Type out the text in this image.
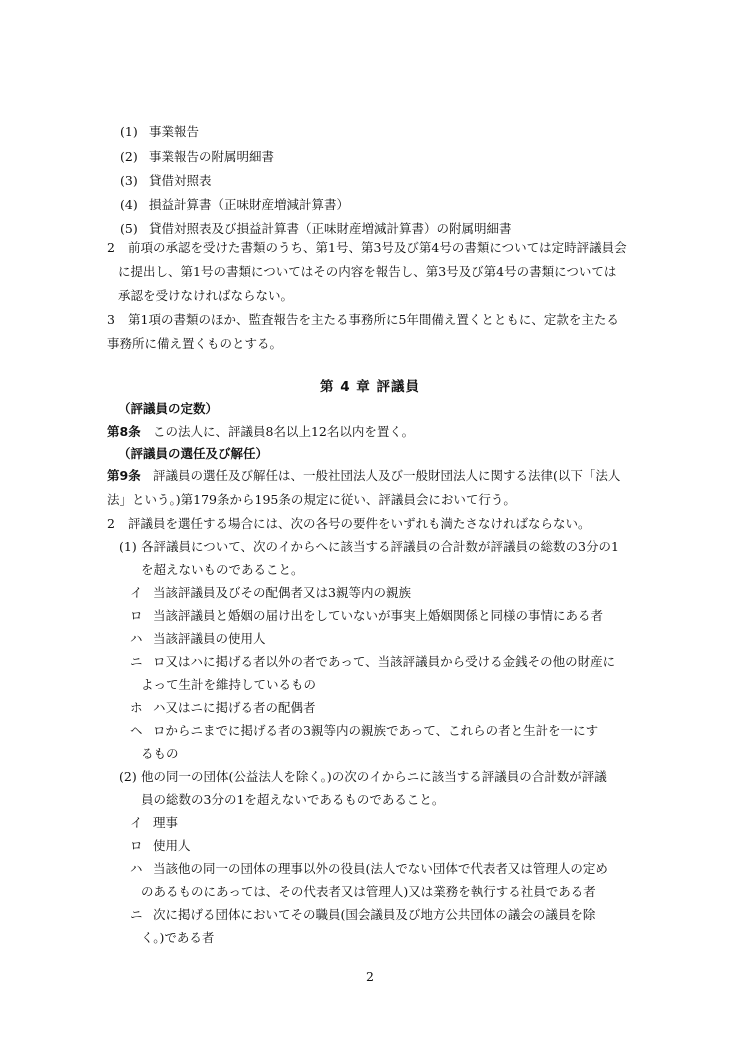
(1) 事業報告
(2) 事業報告の附属明細書
(3) 貸借対照表
(4) 損益計算書（正味財産増減計算書）
(5) 貸借対照表及び損益計算書（正味財産増減計算書）の附属明細書
2 前項の承認を受けた書類のうち、第1号、第3号及び第4号の書類については定時評議員会
に提出し、第1号の書類についてはその内容を報告し、第3号及び第4号の書類については
承認を受けなければならない。
3 第1項の書類のほか、監査報告を主たる事務所に5年間備え置くとともに、定款を主たる
事務所に備え置くものとする。
第 4 章 評議員
（評議員の定数）
第8条 この法人に、評議員8名以上12名以内を置く。
（評議員の選任及び解任）
第9条 評議員の選任及び解任は、一般社団法人及び一般財団法人に関する法律(以下「法人
法」という。)第179条から195条の規定に従い、評議員会において行う。
2 評議員を選任する場合には、次の各号の要件をいずれも満たさなければならない。
(1) 各評議員について、次のイからへに該当する評議員の合計数が評議員の総数の3分の1
を超えないものであること。
イ 当該評議員及びその配偶者又は3親等内の親族
ロ 当該評議員と婚姻の届け出をしていないが事実上婚姻関係と同様の事情にある者
ハ 当該評議員の使用人
ニ ロ又はハに掲げる者以外の者であって、当該評議員から受ける金銭その他の財産に
よって生計を維持しているもの
ホ ハ又はニに掲げる者の配偶者
ヘ ロからニまでに掲げる者の3親等内の親族であって、これらの者と生計を一にす
るもの
(2) 他の同一の団体(公益法人を除く。)の次のイからニに該当する評議員の合計数が評議
員の総数の3分の1を超えないであるものであること。
イ 理事
ロ 使用人
ハ 当該他の同一の団体の理事以外の役員(法人でない団体で代表者又は管理人の定め
のあるものにあっては、その代表者又は管理人)又は業務を執行する社員である者
ニ 次に掲げる団体においてその職員(国会議員及び地方公共団体の議会の議員を除
く。)である者
2
